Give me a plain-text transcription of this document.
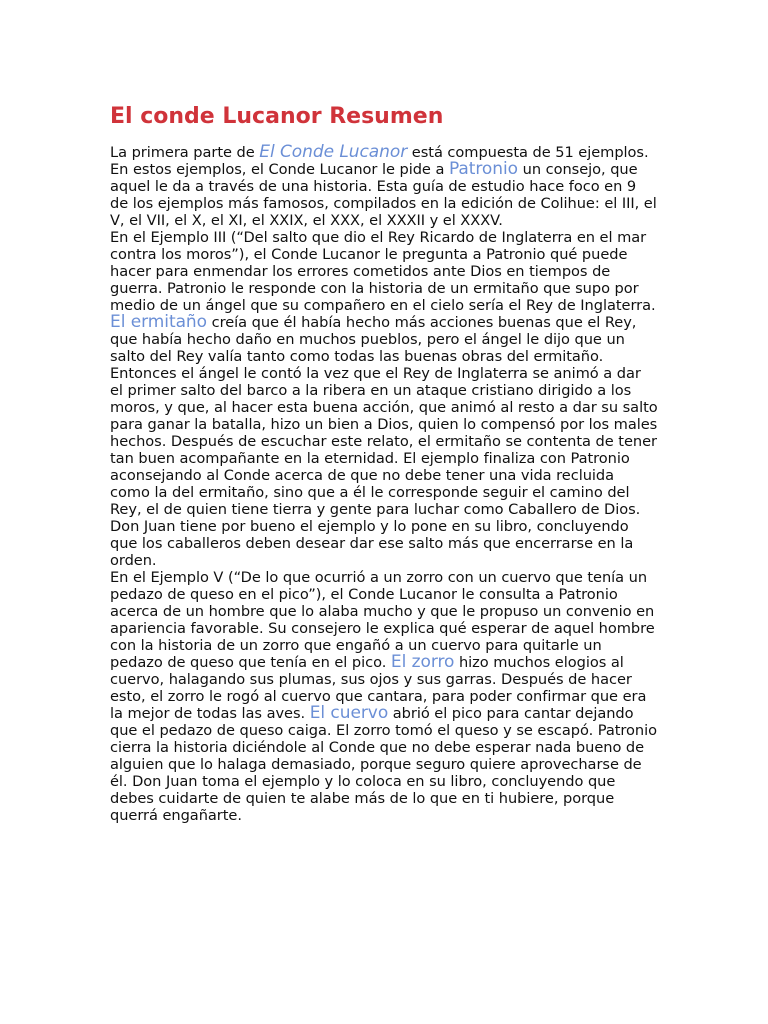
El conde Lucanor Resumen

La primera parte de El Conde Lucanor está compuesta de 51 ejemplos. En estos ejemplos, el Conde Lucanor le pide a Patronio un consejo, que aquel le da a través de una historia. Esta guía de estudio hace foco en 9 de los ejemplos más famosos, compilados en la edición de Colihue: el III, el V, el VII, el X, el XI, el XXIX, el XXX, el XXXII y el XXXV.

En el Ejemplo III (“Del salto que dio el Rey Ricardo de Inglaterra en el mar contra los moros”), el Conde Lucanor le pregunta a Patronio qué puede hacer para enmendar los errores cometidos ante Dios en tiempos de guerra. Patronio le responde con la historia de un ermitaño que supo por medio de un ángel que su compañero en el cielo sería el Rey de Inglaterra. El ermitaño creía que él había hecho más acciones buenas que el Rey, que había hecho daño en muchos pueblos, pero el ángel le dijo que un salto del Rey valía tanto como todas las buenas obras del ermitaño. Entonces el ángel le contó la vez que el Rey de Inglaterra se animó a dar el primer salto del barco a la ribera en un ataque cristiano dirigido a los moros, y que, al hacer esta buena acción, que animó al resto a dar su salto para ganar la batalla, hizo un bien a Dios, quien lo compensó por los males hechos. Después de escuchar este relato, el ermitaño se contenta de tener tan buen acompañante en la eternidad. El ejemplo finaliza con Patronio aconsejando al Conde acerca de que no debe tener una vida recluida como la del ermitaño, sino que a él le corresponde seguir el camino del Rey, el de quien tiene tierra y gente para luchar como Caballero de Dios. Don Juan tiene por bueno el ejemplo y lo pone en su libro, concluyendo que los caballeros deben desear dar ese salto más que encerrarse en la orden.

En el Ejemplo V (“De lo que ocurrió a un zorro con un cuervo que tenía un pedazo de queso en el pico”), el Conde Lucanor le consulta a Patronio acerca de un hombre que lo alaba mucho y que le propuso un convenio en apariencia favorable. Su consejero le explica qué esperar de aquel hombre con la historia de un zorro que engañó a un cuervo para quitarle un pedazo de queso que tenía en el pico. El zorro hizo muchos elogios al cuervo, halagando sus plumas, sus ojos y sus garras. Después de hacer esto, el zorro le rogó al cuervo que cantara, para poder confirmar que era la mejor de todas las aves. El cuervo abrió el pico para cantar dejando que el pedazo de queso caiga. El zorro tomó el queso y se escapó. Patronio cierra la historia diciéndole al Conde que no debe esperar nada bueno de alguien que lo halaga demasiado, porque seguro quiere aprovecharse de él. Don Juan toma el ejemplo y lo coloca en su libro, concluyendo que debes cuidarte de quien te alabe más de lo que en ti hubiere, porque querrá engañarte.
